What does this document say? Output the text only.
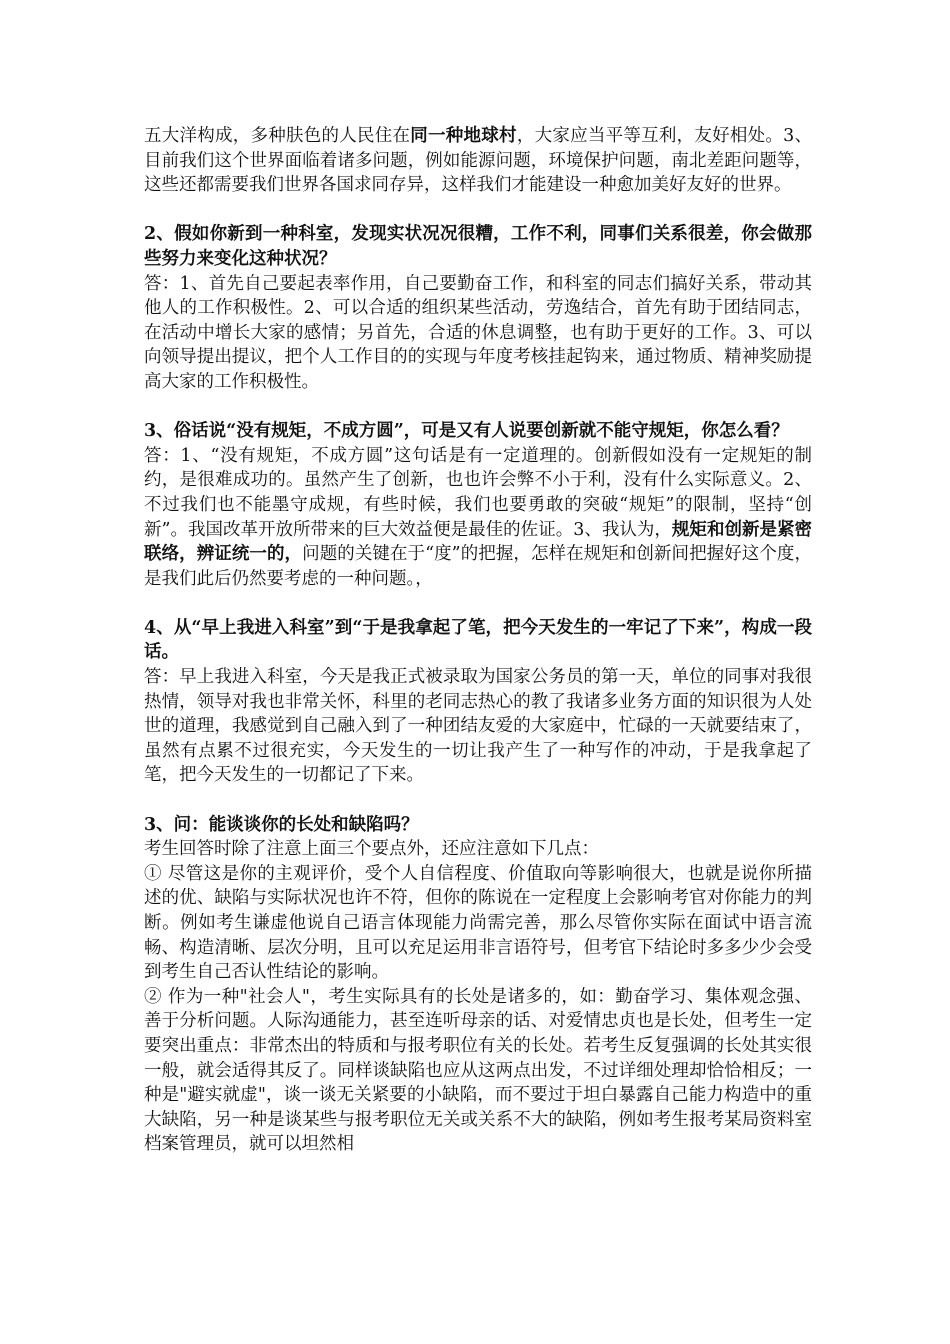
五大洋构成，多种肤色的人民住在同一种地球村，大家应当平等互利，友好相处。3、目前我们这个世界面临着诸多问题，例如能源问题，环境保护问题，南北差距问题等，这些还都需要我们世界各国求同存异，这样我们才能建设一种愈加美好友好的世界。

2、假如你新到一种科室，发现实状况况很糟，工作不利，同事们关系很差，你会做那些努力来变化这种状况？

答：1、首先自己要起表率作用，自己要勤奋工作，和科室的同志们搞好关系，带动其他人的工作积极性。2、可以合适的组织某些活动，劳逸结合，首先有助于团结同志，在活动中增长大家的感情；另首先，合适的休息调整，也有助于更好的工作。3、可以向领导提出提议，把个人工作目的的实现与年度考核挂起钩来，通过物质、精神奖励提高大家的工作积极性。

3、俗话说“没有规矩，不成方圆”，可是又有人说要创新就不能守规矩，你怎么看？

答：1、“没有规矩，不成方圆”这句话是有一定道理的。创新假如没有一定规矩的制约，是很难成功的。虽然产生了创新，也也许会弊不小于利，没有什么实际意义。2、不过我们也不能墨守成规，有些时候，我们也要勇敢的突破“规矩”的限制，坚持“创新”。我国改革开放所带来的巨大效益便是最佳的佐证。3、我认为，规矩和创新是紧密联络，辨证统一的，问题的关键在于“度”的把握，怎样在规矩和创新间把握好这个度，是我们此后仍然要考虑的一种问题。，

4、从“早上我进入科室”到“于是我拿起了笔，把今天发生的一牢记了下来”，构成一段话。

答：早上我进入科室，今天是我正式被录取为国家公务员的第一天，单位的同事对我很热情，领导对我也非常关怀，科里的老同志热心的教了我诸多业务方面的知识很为人处世的道理，我感觉到自己融入到了一种团结友爱的大家庭中，忙碌的一天就要结束了，虽然有点累不过很充实，今天发生的一切让我产生了一种写作的冲动，于是我拿起了笔，把今天发生的一切都记了下来。

3、问：能谈谈你的长处和缺陷吗？

考生回答时除了注意上面三个要点外，还应注意如下几点：

① 尽管这是你的主观评价，受个人自信程度、价值取向等影响很大，也就是说你所描述的优、缺陷与实际状况也许不符，但你的陈说在一定程度上会影响考官对你能力的判断。例如考生谦虚他说自己语言体现能力尚需完善，那么尽管你实际在面试中语言流畅、构造清晰、层次分明，且可以充足运用非言语符号，但考官下结论时多多少少会受到考生自己否认性结论的影响。

② 作为一种"社会人"，考生实际具有的长处是诸多的，如：勤奋学习、集体观念强、善于分析问题。人际沟通能力，甚至连听母亲的话、对爱情忠贞也是长处，但考生一定要突出重点：非常杰出的特质和与报考职位有关的长处。若考生反复强调的长处其实很一般，就会适得其反了。同样谈缺陷也应从这两点出发，不过详细处理却恰恰相反；一种是"避实就虚"，谈一谈无关紧要的小缺陷，而不要过于坦白暴露自己能力构造中的重大缺陷，另一种是谈某些与报考职位无关或关系不大的缺陷，例如考生报考某局资料室档案管理员，就可以坦然相
